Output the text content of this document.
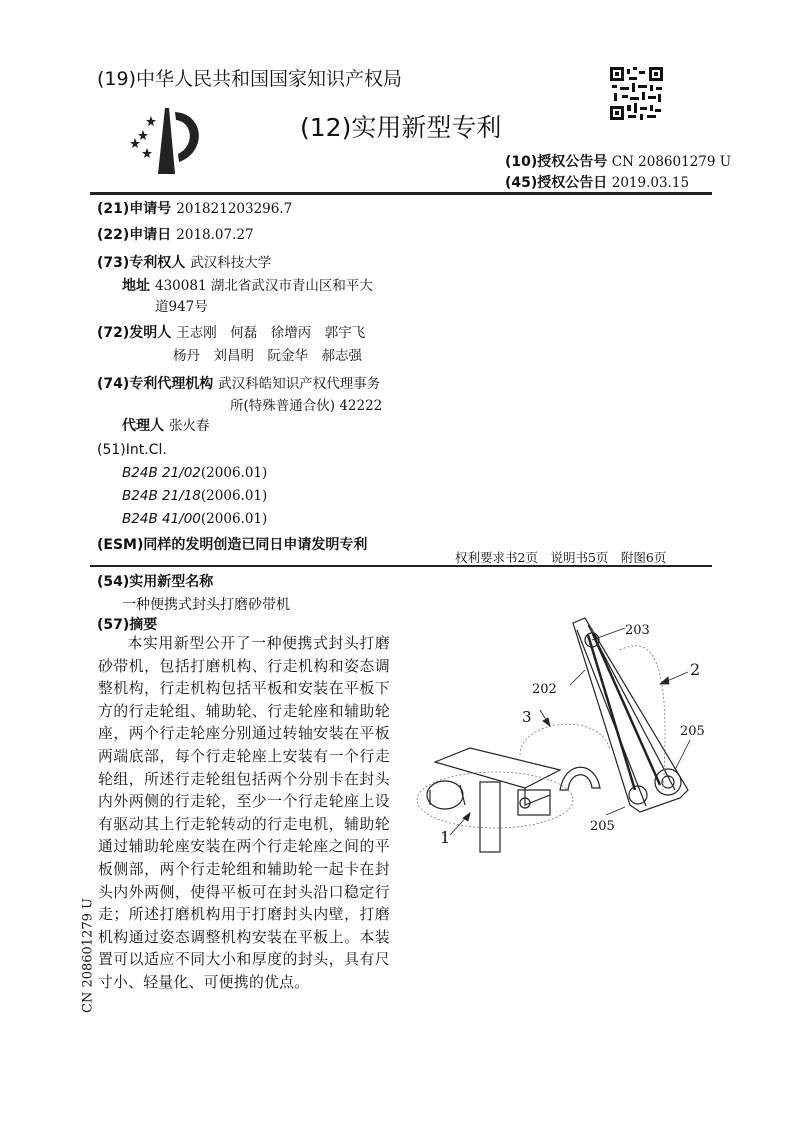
(19)中华人民共和国国家知识产权局
(12)实用新型专利
(10)授权公告号 CN 208601279 U
(45)授权公告日 2019.03.15
(21)申请号 201821203296.7
(22)申请日 2018.07.27
(73)专利权人 武汉科技大学
地址 430081 湖北省武汉市青山区和平大
道947号
(72)发明人 王志刚　何磊　徐增丙　郭宇飞
杨丹　刘昌明　阮金华　郝志强
(74)专利代理机构 武汉科皓知识产权代理事务
所(特殊普通合伙) 42222
代理人 张火春
(51)Int.Cl.
B24B 21/02(2006.01)
B24B 21/18(2006.01)
B24B 41/00(2006.01)
(ESM)同样的发明创造已同日申请发明专利
权利要求书2页　说明书5页　附图6页
(54)实用新型名称
一种便携式封头打磨砂带机
(57)摘要
本实用新型公开了一种便携式封头打磨砂带机，包括打磨机构、行走机构和姿态调整机构，行走机构包括平板和安装在平板下方的行走轮组、辅助轮、行走轮座和辅助轮座，两个行走轮座分别通过转轴安装在平板两端底部，每个行走轮座上安装有一个行走轮组，所述行走轮组包括两个分别卡在封头内外两侧的行走轮，至少一个行走轮座上设有驱动其上行走轮转动的行走电机，辅助轮通过辅助轮座安装在两个行走轮座之间的平板侧部，两个行走轮组和辅助轮一起卡在封头内外两侧，使得平板可在封头沿口稳定行走；所述打磨机构用于打磨封头内壁，打磨机构通过姿态调整机构安装在平板上。本装置可以适应不同大小和厚度的封头，具有尺寸小、轻量化、可便携的优点。
203
202
2
3
205
205
1
CN 208601279 U
